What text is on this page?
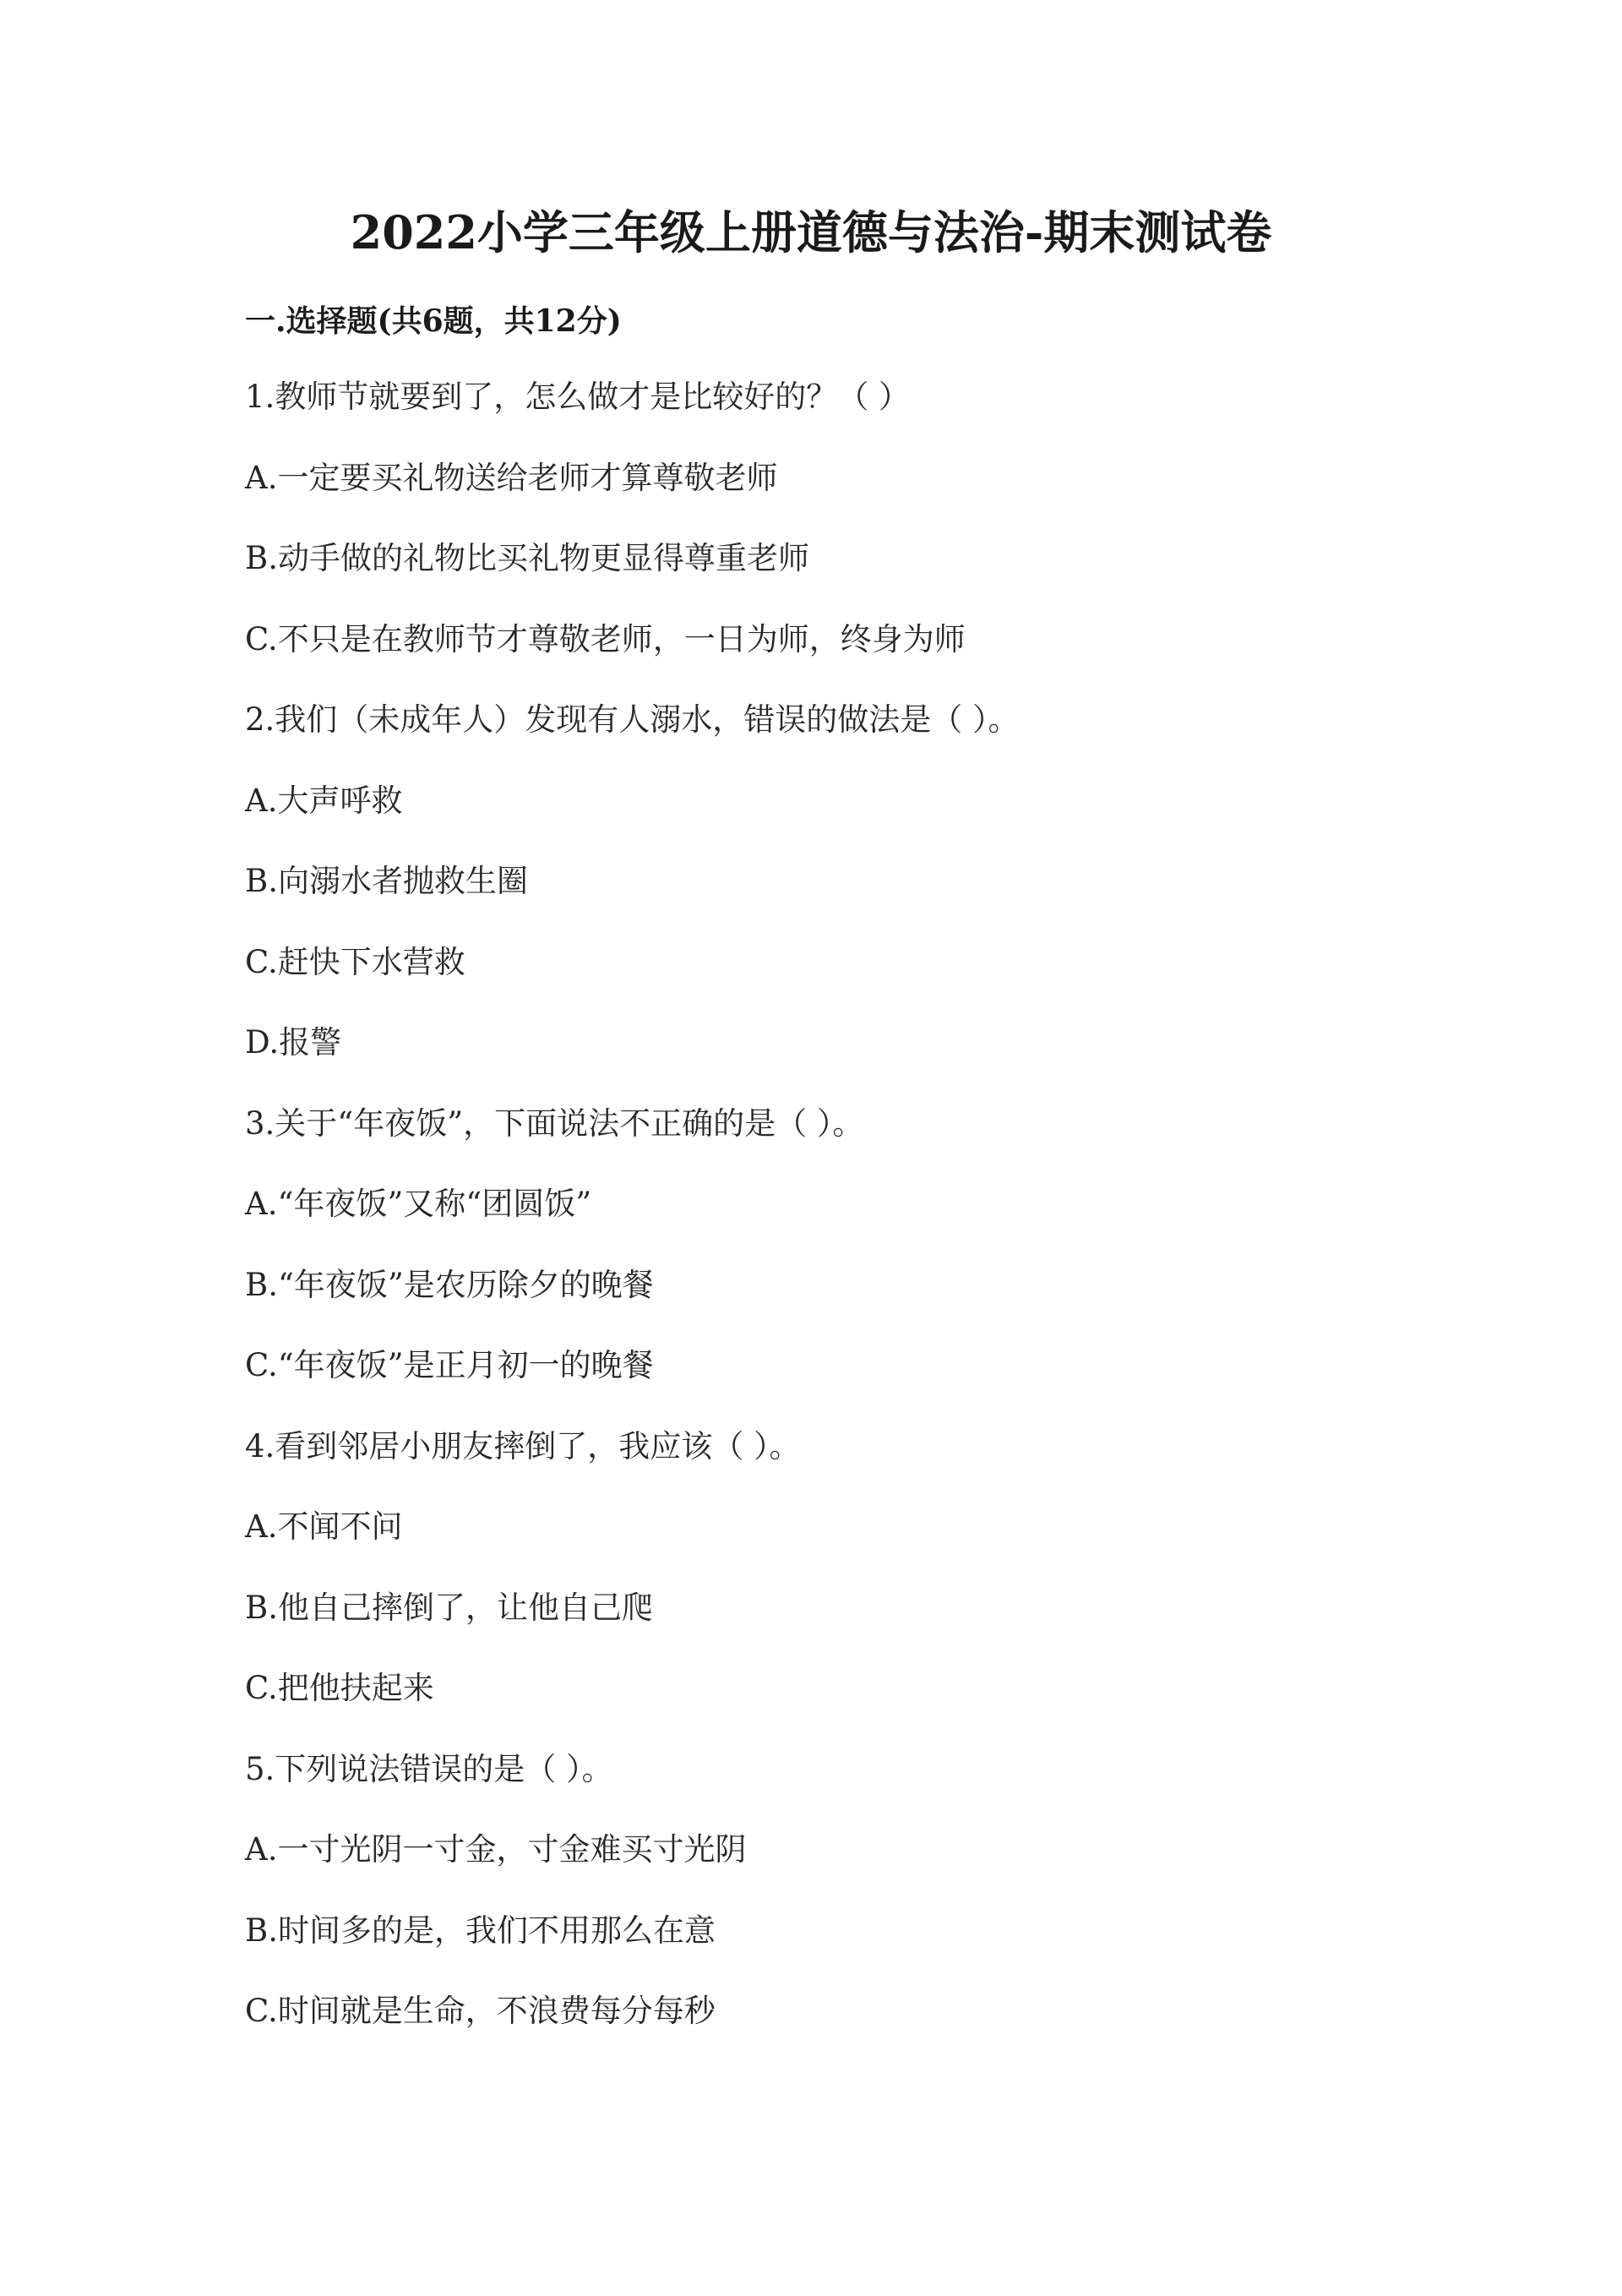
2022小学三年级上册道德与法治-期末测试卷
一.选择题(共6题，共12分)
1.教师节就要到了，怎么做才是比较好的？（ ）
A.一定要买礼物送给老师才算尊敬老师
B.动手做的礼物比买礼物更显得尊重老师
C.不只是在教师节才尊敬老师，一日为师，终身为师
2.我们（未成年人）发现有人溺水，错误的做法是（ ）。
A.大声呼救
B.向溺水者抛救生圈
C.赶快下水营救
D.报警
3.关于“年夜饭”，下面说法不正确的是（ ）。
A.“年夜饭”又称“团圆饭”
B.“年夜饭”是农历除夕的晚餐
C.“年夜饭”是正月初一的晚餐
4.看到邻居小朋友摔倒了，我应该（ ）。
A.不闻不问
B.他自己摔倒了，让他自己爬
C.把他扶起来
5.下列说法错误的是（ ）。
A.一寸光阴一寸金，寸金难买寸光阴
B.时间多的是，我们不用那么在意
C.时间就是生命，不浪费每分每秒
